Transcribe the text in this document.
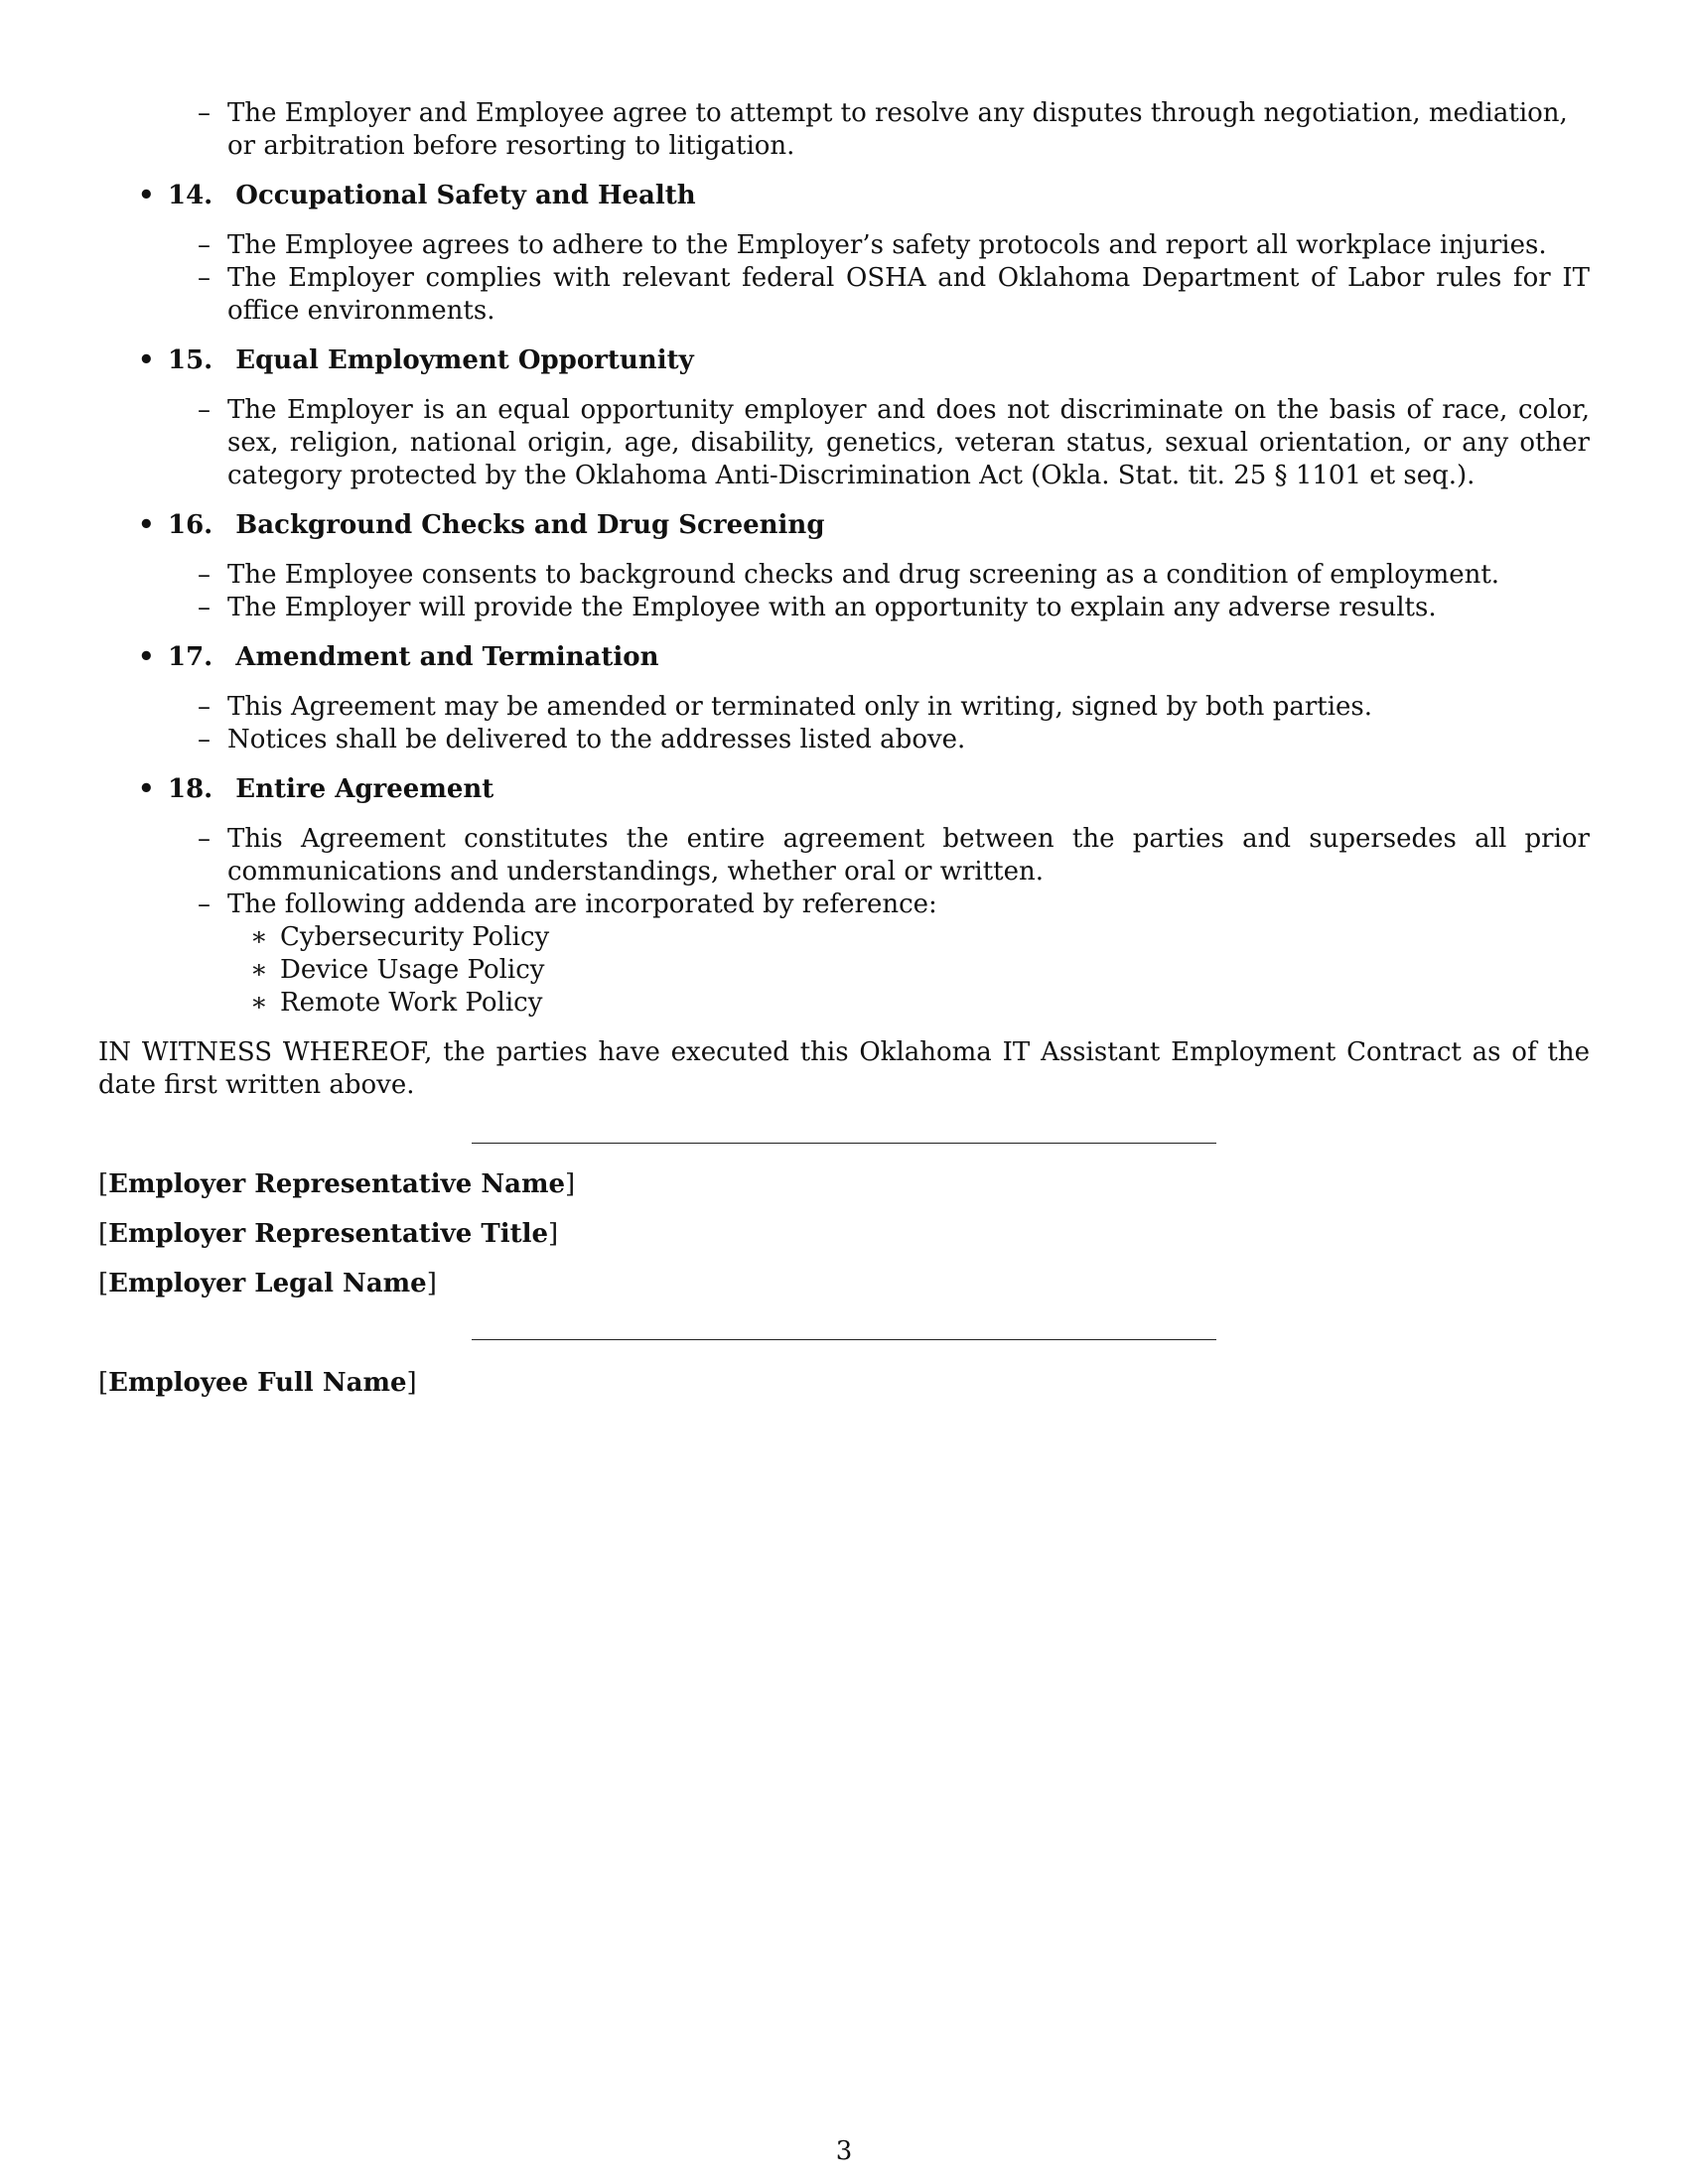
– The Employer and Employee agree to attempt to resolve any disputes through negotiation, mediation, or arbitration before resorting to litigation.

• 14. Occupational Safety and Health
– The Employee agrees to adhere to the Employer’s safety protocols and report all workplace injuries.
– The Employer complies with relevant federal OSHA and Oklahoma Department of Labor rules for IT office environments.
• 15. Equal Employment Opportunity
– The Employer is an equal opportunity employer and does not discriminate on the basis of race, color, sex, religion, national origin, age, disability, genetics, veteran status, sexual orientation, or any other category protected by the Oklahoma Anti-Discrimination Act (Okla. Stat. tit. 25 § 1101 et seq.).
• 16. Background Checks and Drug Screening
– The Employee consents to background checks and drug screening as a condition of employment.
– The Employer will provide the Employee with an opportunity to explain any adverse results.
• 17. Amendment and Termination
– This Agreement may be amended or terminated only in writing, signed by both parties.
– Notices shall be delivered to the addresses listed above.
• 18. Entire Agreement
– This Agreement constitutes the entire agreement between the parties and supersedes all prior communications and understandings, whether oral or written.
– The following addenda are incorporated by reference:
∗ Cybersecurity Policy
∗ Device Usage Policy
∗ Remote Work Policy

IN WITNESS WHEREOF, the parties have executed this Oklahoma IT Assistant Employment Contract as of the date first written above.

[Employer Representative Name]
[Employer Representative Title]
[Employer Legal Name]
[Employee Full Name]
3
